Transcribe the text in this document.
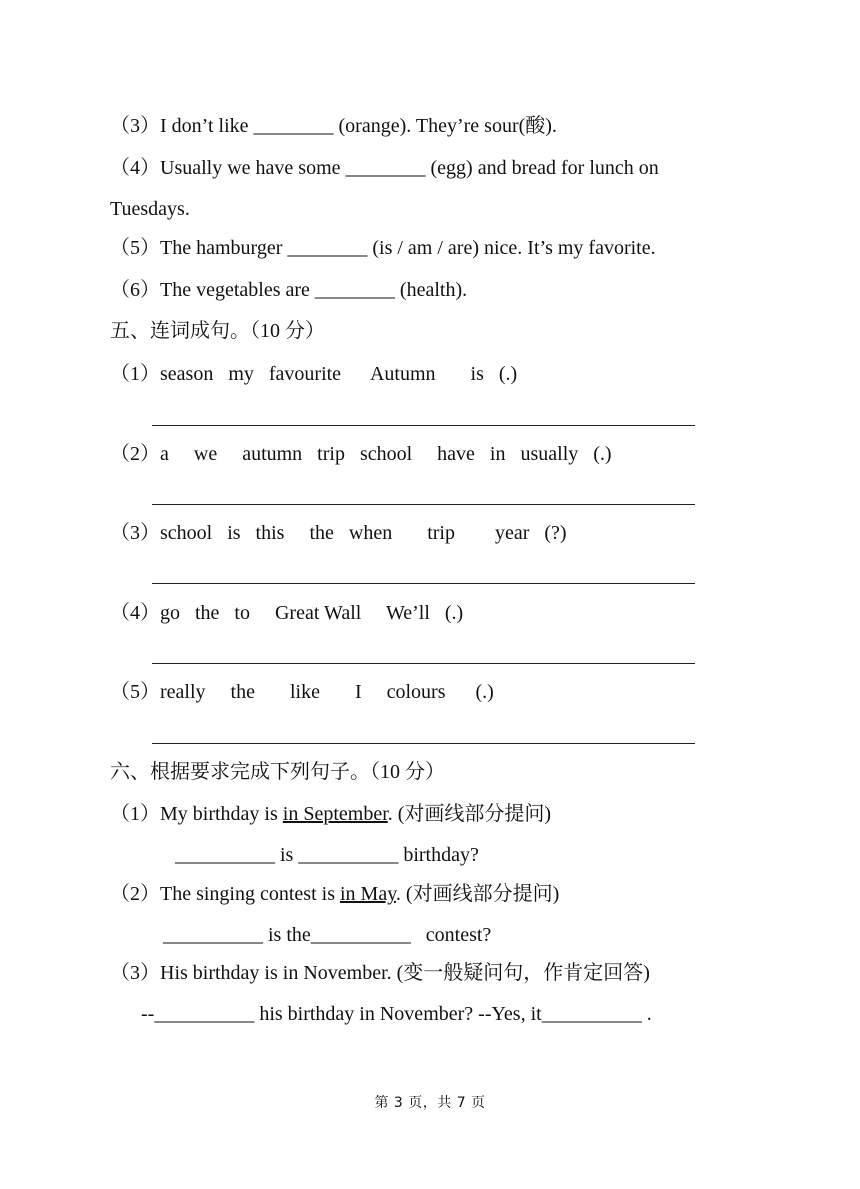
（3）I don’t like ________ (orange). They’re sour(酸).
（4）Usually we have some ________ (egg) and bread for lunch on
Tuesdays.
（5）The hamburger ________ (is / am / are) nice. It’s my favorite.
（6）The vegetables are ________ (health).
五、连词成句。（10 分）
（1）season   my   favourite      Autumn       is   (.)
（2）a     we     autumn   trip   school     have   in   usually   (.)
（3）school   is   this     the   when       trip        year   (?)
（4）go   the   to     Great Wall     We’ll   (.)
（5）really     the       like       I     colours      (.)
六、根据要求完成下列句子。（10 分）
（1）My birthday is in September. (对画线部分提问)
__________ is __________ birthday?
（2）The singing contest is in May. (对画线部分提问)
__________ is the__________   contest?
（3）His birthday is in November. (变一般疑问句，作肯定回答)
--__________ his birthday in November? --Yes, it__________ .
第 3 页，共 7 页
